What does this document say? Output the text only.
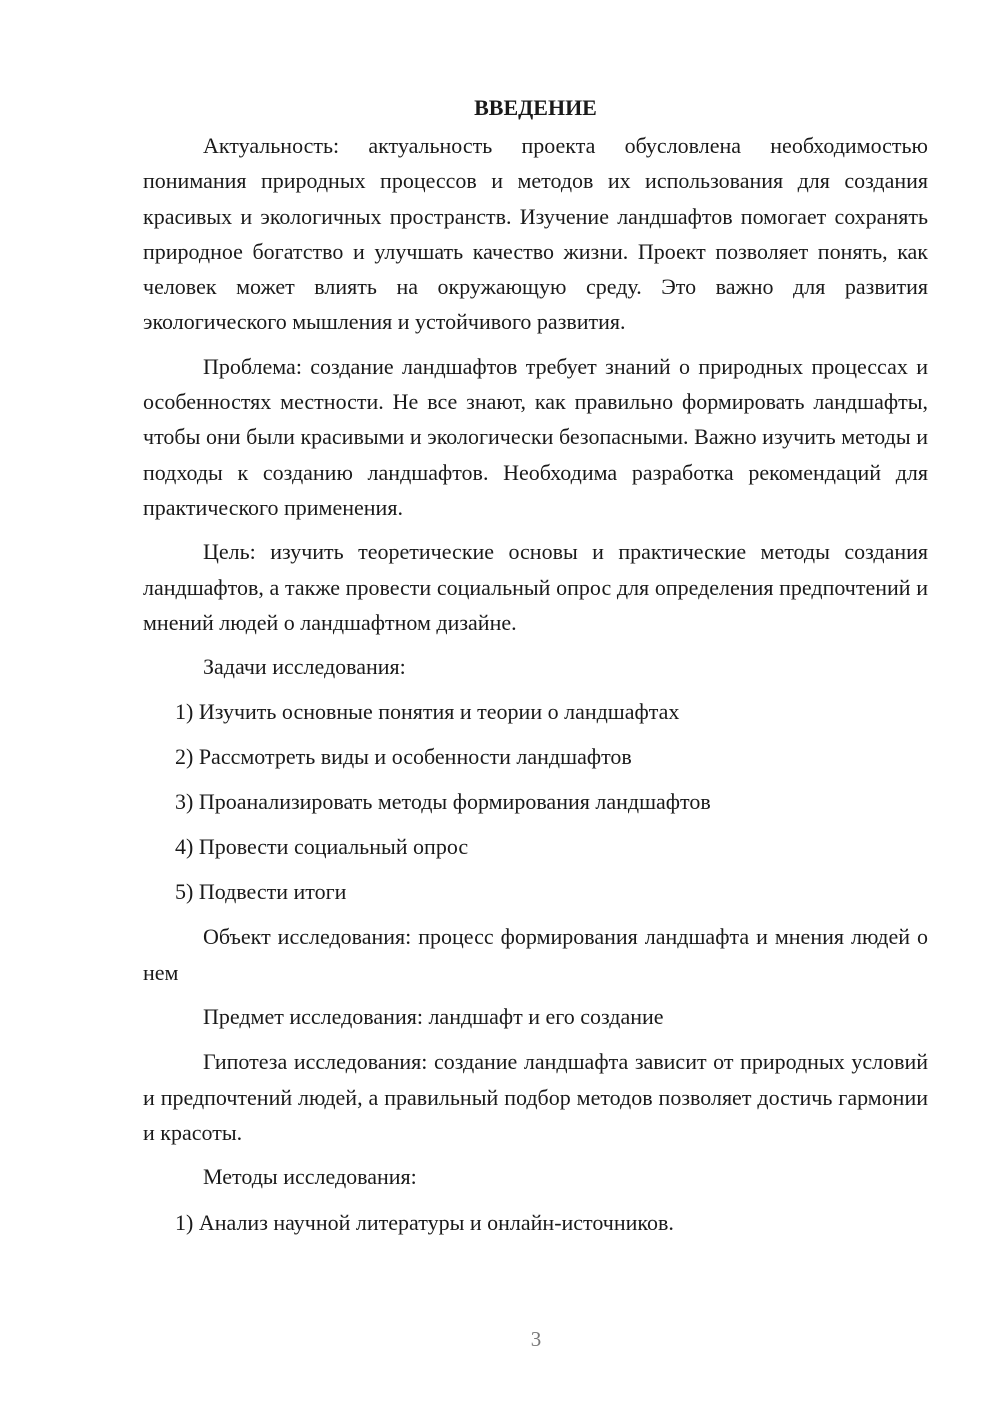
ВВЕДЕНИЕ

Актуальность: актуальность проекта обусловлена необходимостью понимания природных процессов и методов их использования для создания красивых и экологичных пространств. Изучение ландшафтов помогает сохранять природное богатство и улучшать качество жизни. Проект позволяет понять, как человек может влиять на окружающую среду. Это важно для развития экологического мышления и устойчивого развития.

Проблема: создание ландшафтов требует знаний о природных процессах и особенностях местности. Не все знают, как правильно формировать ландшафты, чтобы они были красивыми и экологически безопасными. Важно изучить методы и подходы к созданию ландшафтов. Необходима разработка рекомендаций для практического применения.

Цель: изучить теоретические основы и практические методы создания ландшафтов, а также провести социальный опрос для определения предпочтений и мнений людей о ландшафтном дизайне.

Задачи исследования:

1) Изучить основные понятия и теории о ландшафтах
2) Рассмотреть виды и особенности ландшафтов
3) Проанализировать методы формирования ландшафтов
4) Провести социальный опрос
5) Подвести итоги

Объект исследования: процесс формирования ландшафта и мнения людей о нем

Предмет исследования: ландшафт и его создание

Гипотеза исследования: создание ландшафта зависит от природных условий и предпочтений людей, а правильный подбор методов позволяет достичь гармонии и красоты.

Методы исследования:

1) Анализ научной литературы и онлайн-источников.
3
